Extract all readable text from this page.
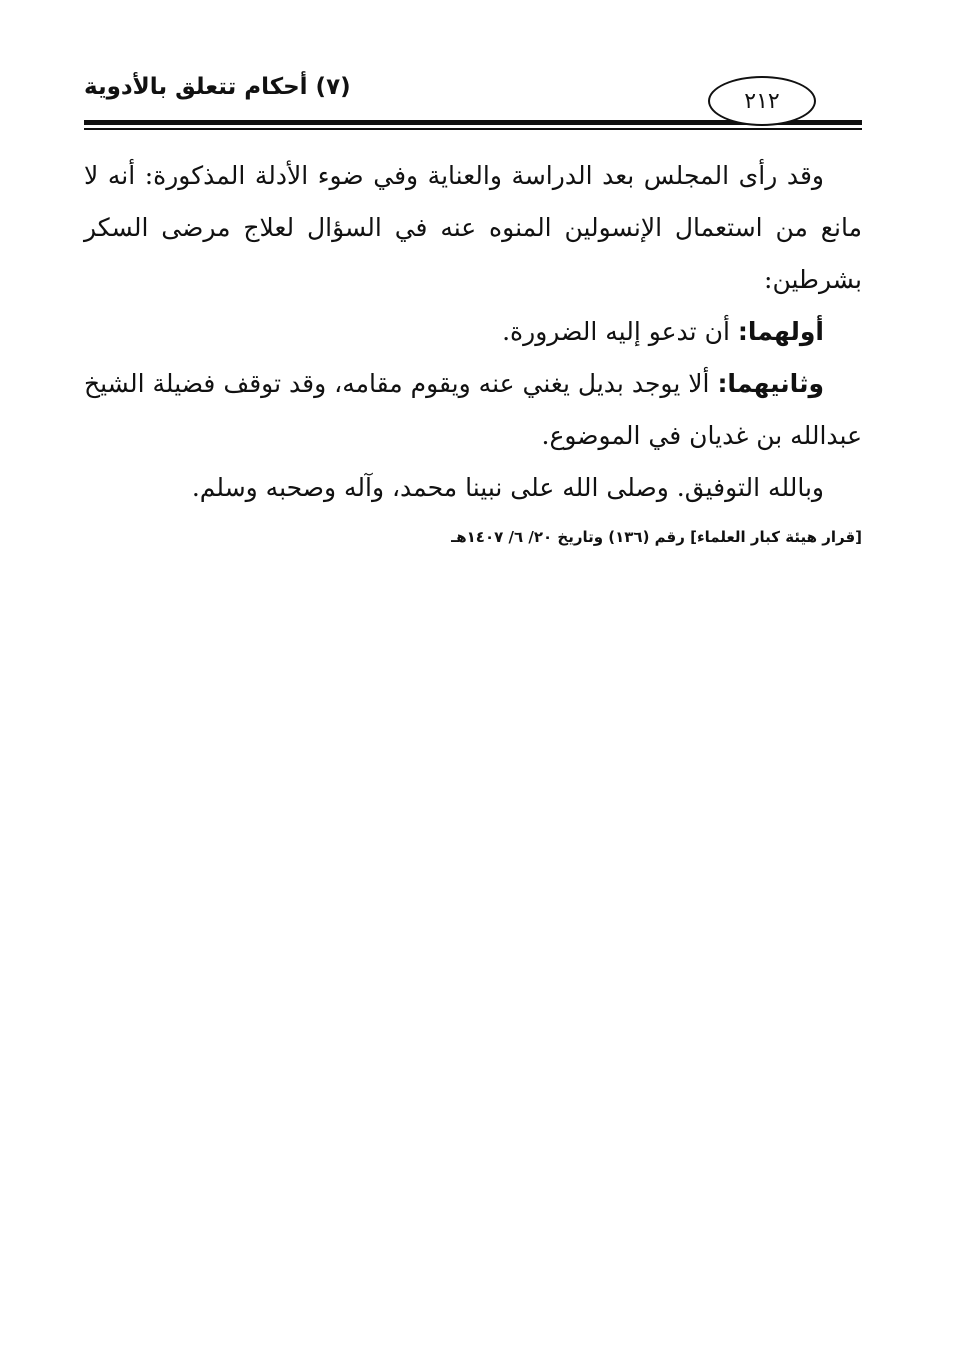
(٧) أحكام تتعلق بالأدوية
٢١٢

وقد رأى المجلس بعد الدراسة والعناية وفي ضوء الأدلة المذكورة: أنه لا مانع من استعمال الإنسولين المنوه عنه في السؤال لعلاج مرضى السكر بشرطين:

أولهما: أن تدعو إليه الضرورة.

وثانيهما: ألا يوجد بديل يغني عنه ويقوم مقامه، وقد توقف فضيلة الشيخ عبدالله بن غديان في الموضوع.

وبالله التوفيق. وصلى الله على نبينا محمد، وآله وصحبه وسلم.

[قرار هيئة كبار العلماء] رقم (١٣٦) وتاريخ ٢٠/ ٦/ ١٤٠٧هـ
